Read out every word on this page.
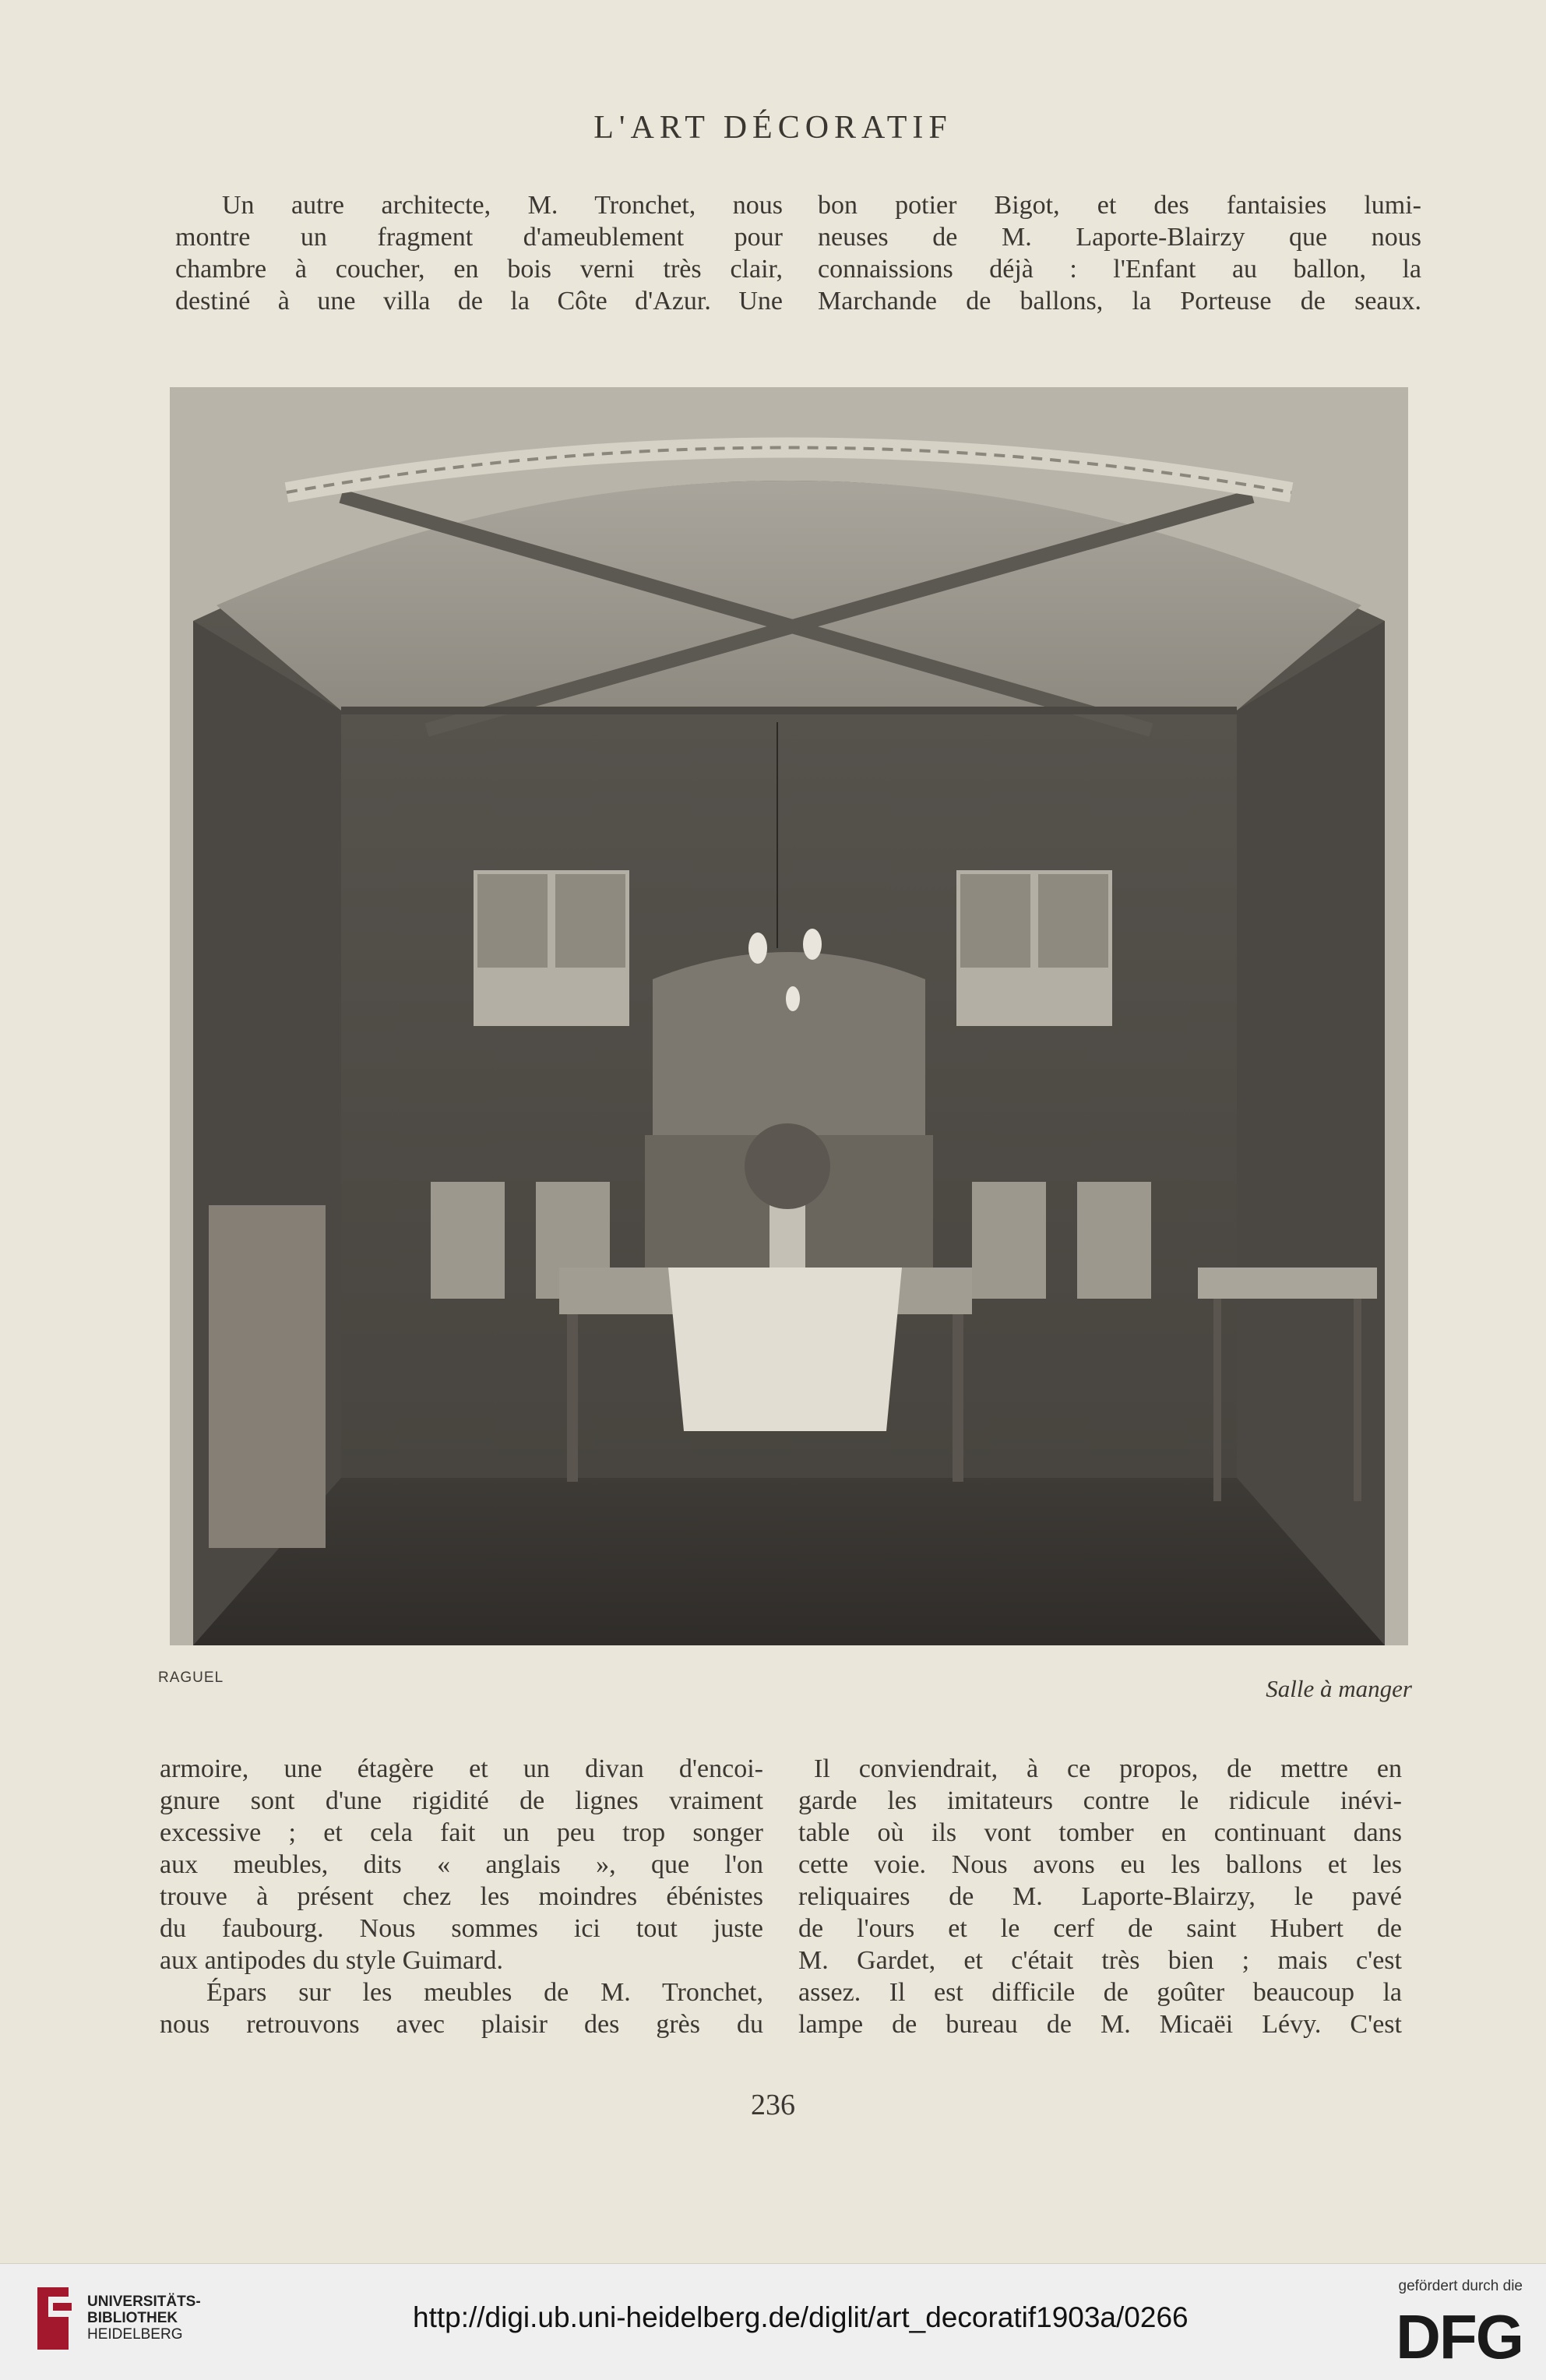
L'ART DÉCORATIF
Un autre architecte, M. Tronchet, nous
montre un fragment d'ameublement pour
chambre à coucher, en bois verni très clair,
destiné à une villa de la Côte d'Azur. Une
bon potier Bigot, et des fantaisies lumi-
neuses de M. Laporte-Blairzy que nous
connaissions déjà : l'Enfant au ballon, la
Marchande de ballons, la Porteuse de seaux.
RAGUEL	Salle à manger
armoire, une étagère et un divan d'encoi-
gnure sont d'une rigidité de lignes vraiment
excessive ; et cela fait un peu trop songer
aux meubles, dits « anglais », que l'on
trouve à présent chez les moindres ébénistes
du faubourg. Nous sommes ici tout juste
aux antipodes du style Guimard.
Épars sur les meubles de M. Tronchet,
nous retrouvons avec plaisir des grès du
Il conviendrait, à ce propos, de mettre en
garde les imitateurs contre le ridicule inévi-
table où ils vont tomber en continuant dans
cette voie. Nous avons eu les ballons et les
reliquaires de M. Laporte-Blairzy, le pavé
de l'ours et le cerf de saint Hubert de
M. Gardet, et c'était très bien ; mais c'est
assez. Il est difficile de goûter beaucoup la
lampe de bureau de M. Micaëi Lévy. C'est
236
UNIVERSITÄTS-
BIBLIOTHEK
HEIDELBERG
http://digi.ub.uni-heidelberg.de/diglit/art_decoratif1903a/0266
gefördert durch die
DFG
